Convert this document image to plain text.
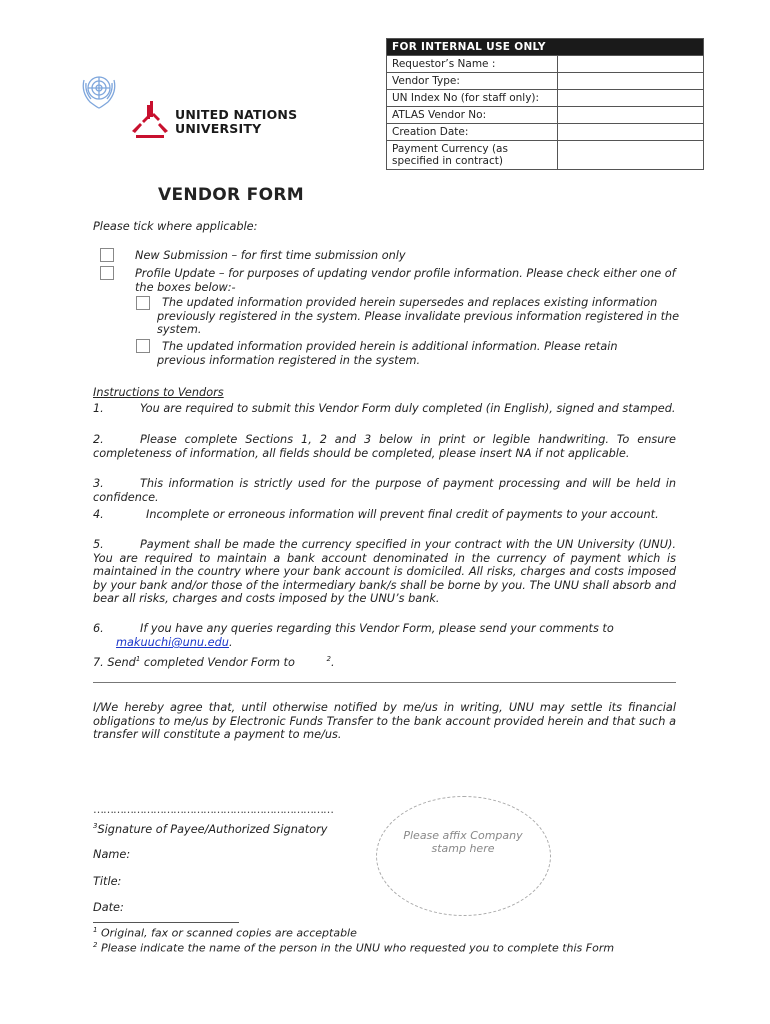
UNITED NATIONS
UNIVERSITY
FOR INTERNAL USE ONLY	
Requestor’s Name :	
Vendor Type:	
UN Index No (for staff only):	
ATLAS Vendor No:	
Creation Date:	
Payment Currency (as specified in contract)	
VENDOR FORM
Please tick where applicable:
New Submission – for first time submission only
Profile Update – for purposes of updating vendor profile information. Please check either one of the boxes below:-
The updated information provided herein supersedes and replaces existing information previously registered in the system. Please invalidate previous information registered in the system.
The updated information provided herein is additional information. Please retain previous information registered in the system.
Instructions to Vendors
1.	You are required to submit this Vendor Form duly completed (in English), signed and stamped.
2.	Please complete Sections 1, 2 and 3 below in print or legible handwriting. To ensure completeness of information, all fields should be completed, please insert NA if not applicable.
3.	This information is strictly used for the purpose of payment processing and will be held in confidence.
4.	Incomplete or erroneous information will prevent final credit of payments to your account.
5.	Payment shall be made the currency specified in your contract with the UN University (UNU). You are required to maintain a bank account denominated in the currency of payment which is maintained in the country where your bank account is domiciled. All risks, charges and costs imposed by your bank and/or those of the intermediary bank/s shall be borne by you. The UNU shall absorb and bear all risks, charges and costs imposed by the UNU’s bank.
6.	If you have any queries regarding this Vendor Form, please send your comments to
makuuchi@unu.edu.
7. Send$^1$ completed Vendor Form to	$^2$.
I/We hereby agree that, until otherwise notified by me/us in writing, UNU may settle its financial obligations to me/us by Electronic Funds Transfer to the bank account provided herein and that such a transfer will constitute a payment to me/us.
………………………………………………………………
$^3$Signature of Payee/Authorized Signatory
Name:
Title:
Date:
Please affix Company stamp here
$^1$ Original, fax or scanned copies are acceptable
$^2$ Please indicate the name of the person in the UNU who requested you to complete this Form
